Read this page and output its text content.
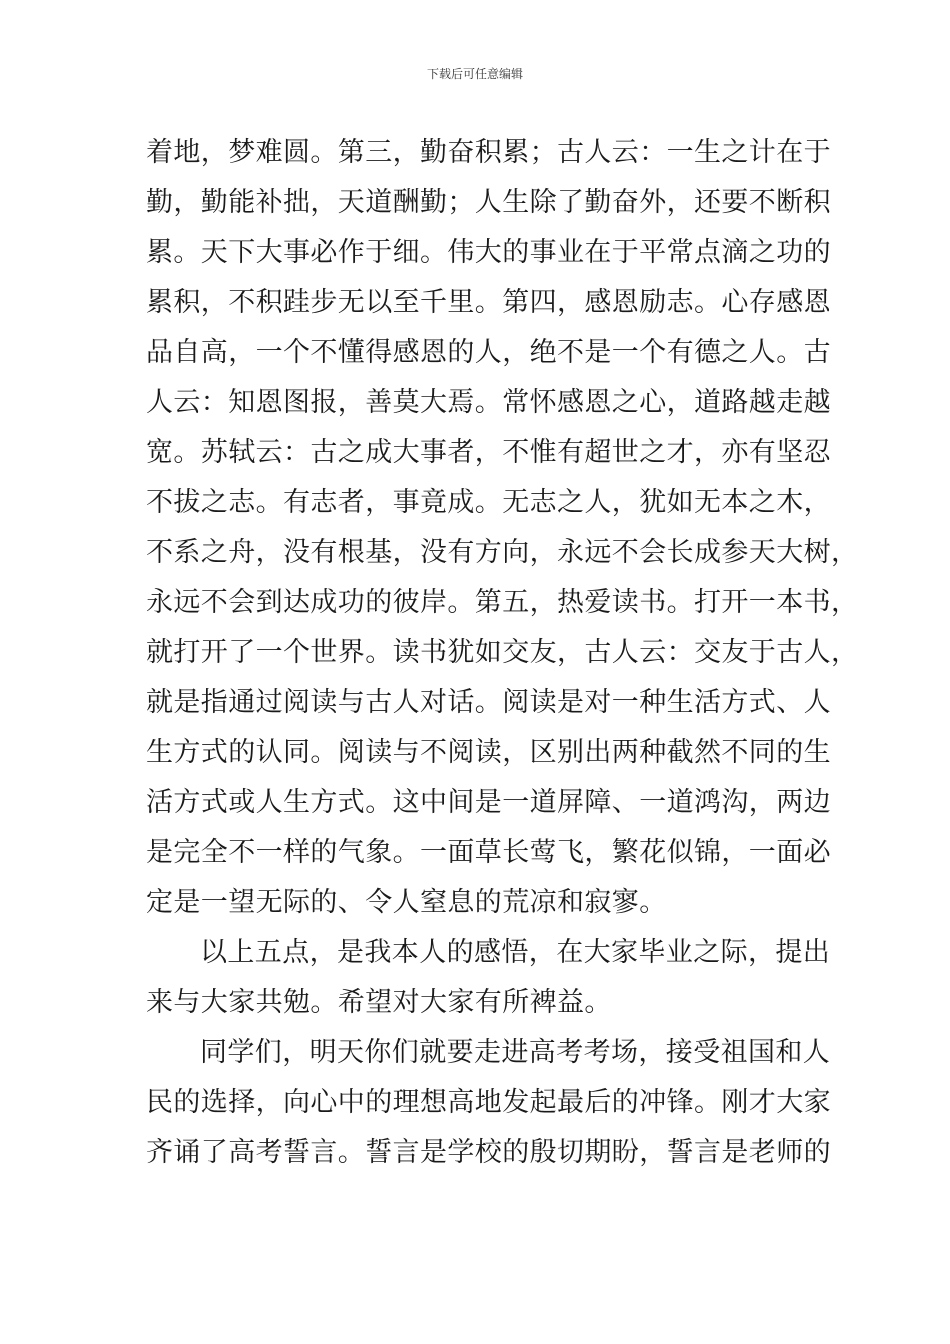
下载后可任意编辑
着地，梦难圆。第三，勤奋积累；古人云：一生之计在于
勤，勤能补拙，天道酬勤；人生除了勤奋外，还要不断积
累。天下大事必作于细。伟大的事业在于平常点滴之功的
累积，不积跬步无以至千里。第四，感恩励志。心存感恩
品自高，一个不懂得感恩的人，绝不是一个有德之人。古
人云：知恩图报，善莫大焉。常怀感恩之心，道路越走越
宽。苏轼云：古之成大事者，不惟有超世之才，亦有坚忍
不拔之志。有志者，事竟成。无志之人，犹如无本之木，
不系之舟，没有根基，没有方向，永远不会长成参天大树，
永远不会到达成功的彼岸。第五，热爱读书。打开一本书，
就打开了一个世界。读书犹如交友，古人云：交友于古人，
就是指通过阅读与古人对话。阅读是对一种生活方式、人
生方式的认同。阅读与不阅读，区别出两种截然不同的生
活方式或人生方式。这中间是一道屏障、一道鸿沟，两边
是完全不一样的气象。一面草长莺飞，繁花似锦，一面必
定是一望无际的、令人窒息的荒凉和寂寥。
以上五点，是我本人的感悟，在大家毕业之际，提出
来与大家共勉。希望对大家有所裨益。
同学们，明天你们就要走进高考考场，接受祖国和人
民的选择，向心中的理想高地发起最后的冲锋。刚才大家
齐诵了高考誓言。誓言是学校的殷切期盼，誓言是老师的
